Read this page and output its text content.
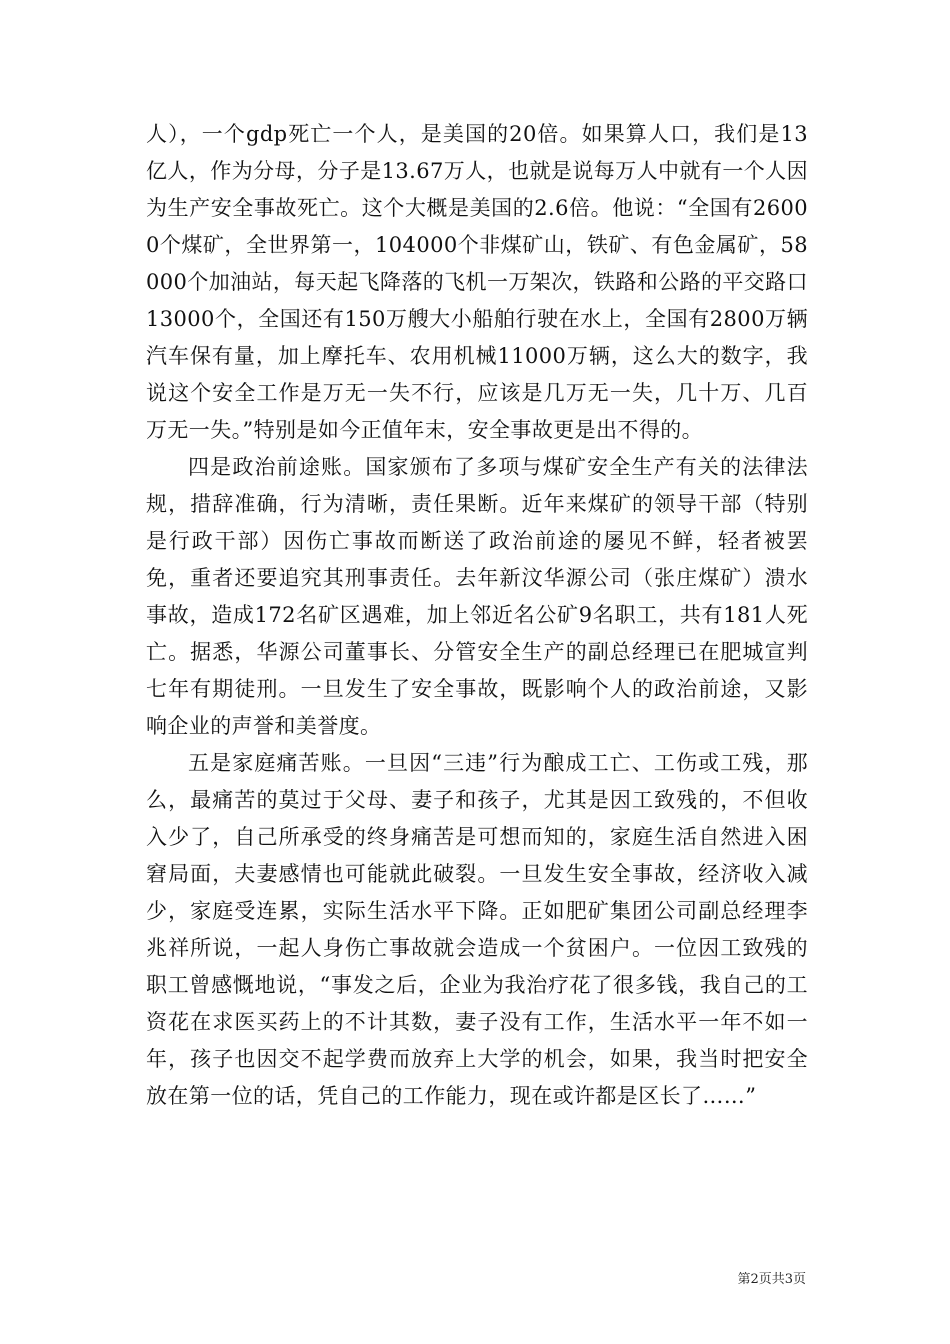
人），一个gdp死亡一个人，是美国的20倍。如果算人口，我们是13亿人，作为分母，分子是13.67万人，也就是说每万人中就有一个人因为生产安全事故死亡。这个大概是美国的2.6倍。他说：“全国有26000个煤矿，全世界第一，104000个非煤矿山，铁矿、有色金属矿，58000个加油站，每天起飞降落的飞机一万架次，铁路和公路的平交路口13000个，全国还有150万艘大小船舶行驶在水上，全国有2800万辆汽车保有量，加上摩托车、农用机械11000万辆，这么大的数字，我说这个安全工作是万无一失不行，应该是几万无一失，几十万、几百万无一失。”特别是如今正值年末，安全事故更是出不得的。

四是政治前途账。国家颁布了多项与煤矿安全生产有关的法律法规，措辞准确，行为清晰，责任果断。近年来煤矿的领导干部（特别是行政干部）因伤亡事故而断送了政治前途的屡见不鲜，轻者被罢免，重者还要追究其刑事责任。去年新汶华源公司（张庄煤矿）溃水事故，造成172名矿区遇难，加上邻近名公矿9名职工，共有181人死亡。据悉，华源公司董事长、分管安全生产的副总经理已在肥城宣判七年有期徒刑。一旦发生了安全事故，既影响个人的政治前途，又影响企业的声誉和美誉度。

五是家庭痛苦账。一旦因“三违”行为酿成工亡、工伤或工残，那么，最痛苦的莫过于父母、妻子和孩子，尤其是因工致残的，不但收入少了，自己所承受的终身痛苦是可想而知的，家庭生活自然进入困窘局面，夫妻感情也可能就此破裂。一旦发生安全事故，经济收入减少，家庭受连累，实际生活水平下降。正如肥矿集团公司副总经理李兆祥所说，一起人身伤亡事故就会造成一个贫困户。一位因工致残的职工曾感慨地说，“事发之后，企业为我治疗花了很多钱，我自己的工资花在求医买药上的不计其数，妻子没有工作，生活水平一年不如一年，孩子也因交不起学费而放弃上大学的机会，如果，我当时把安全放在第一位的话，凭自己的工作能力，现在或许都是区长了……”

第2页共3页
